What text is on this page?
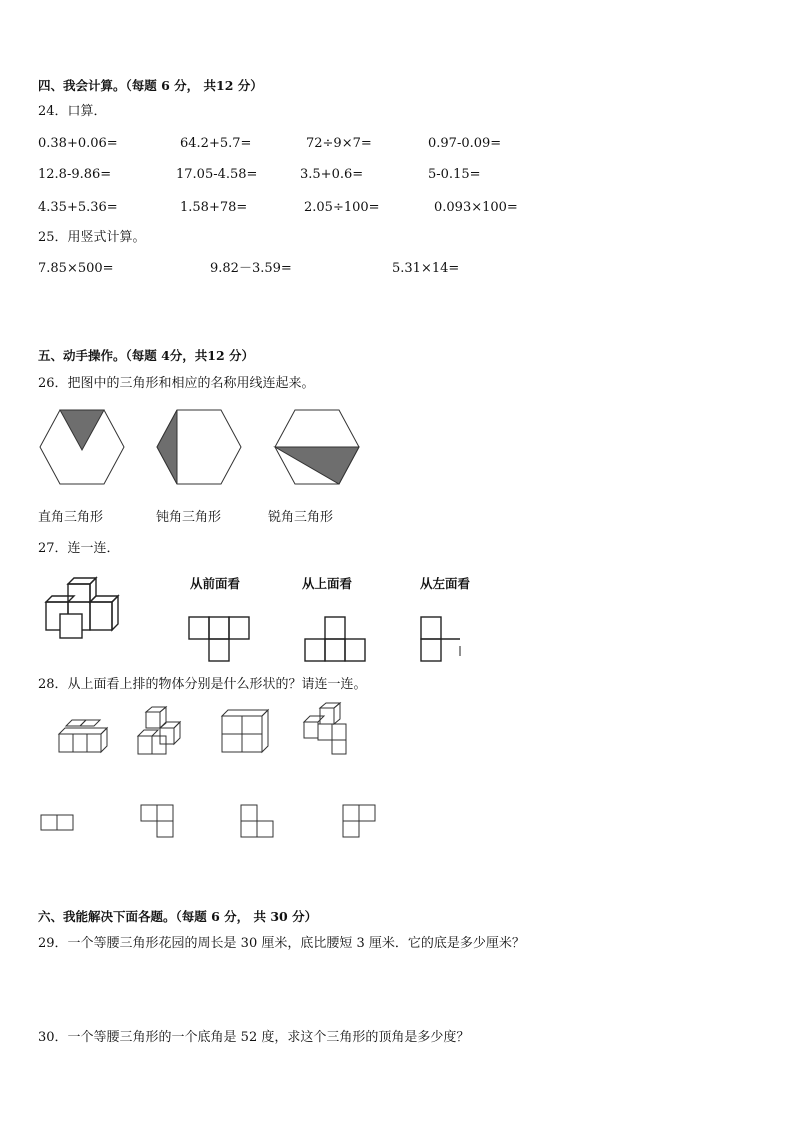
四、我会计算。（每题 6 分， 共12 分）
24．口算．
0.38+0.06=	64.2+5.7=	72÷9×7=	0.97-0.09=
12.8-9.86=	17.05-4.58=	3.5+0.6=	5-0.15=
4.35+5.36=	1.58+78=	2.05÷100=	0.093×100=
25．用竖式计算。
7.85×500=	9.82－3.59=	5.31×14=
五、动手操作。（每题 4分，共12 分）
26．把图中的三角形和相应的名称用线连起来。
直角三角形	钝角三角形	锐角三角形
27．连一连．
从前面看	从上面看	从左面看
28．从上面看上排的物体分别是什么形状的？请连一连。
六、我能解决下面各题。（每题 6 分， 共 30 分）
29．一个等腰三角形花园的周长是 30 厘米，底比腰短 3 厘米．它的底是多少厘米？
30．一个等腰三角形的一个底角是 52 度，求这个三角形的顶角是多少度？
